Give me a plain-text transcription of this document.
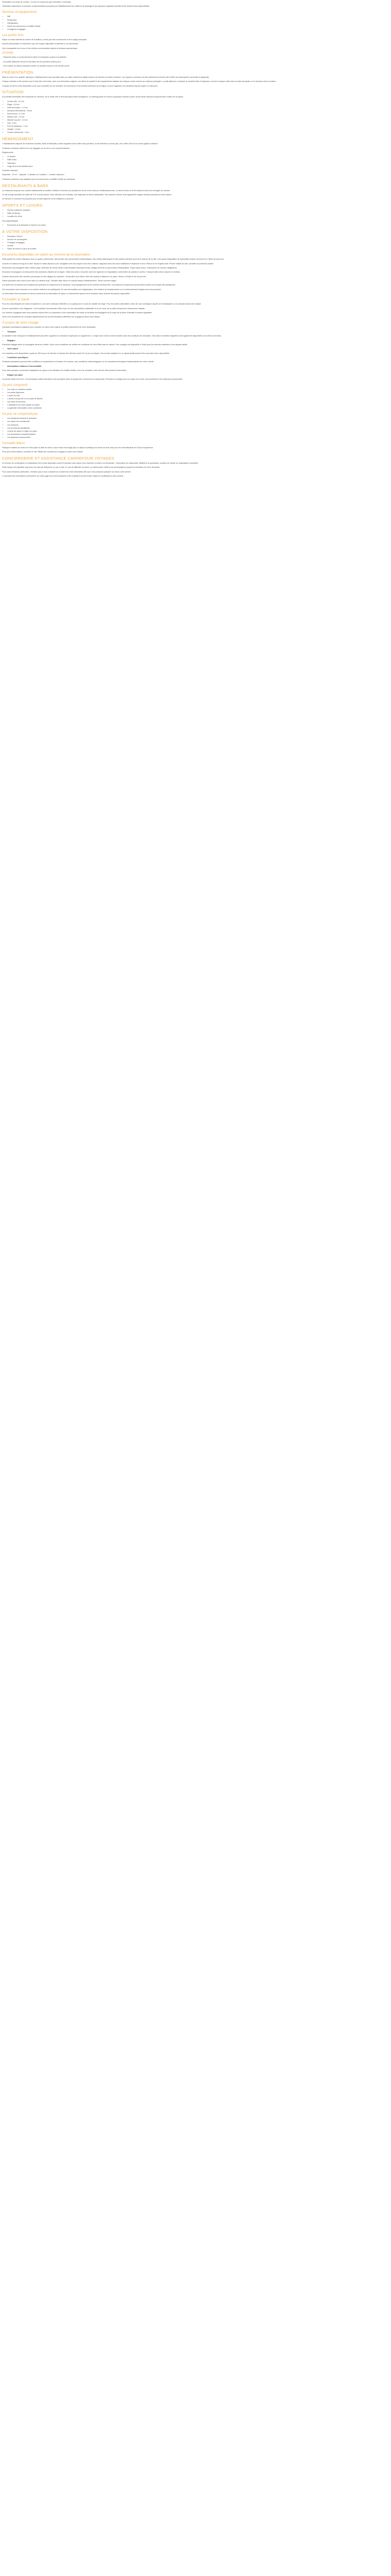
Description à la prise de contact : Ce prix ne comprend pas l'animateur Concierge.

Tarification saisonnière et services complémentaires proposés par l'établissement aux visiteurs de passage et aux groupes organisés pendant toute l'année selon disponibilités.

Services et équipements
• Wifi
• Restaurant
• Climatisation
• Accès aux personnes à mobilité réduite
• Consignes à bagages
Les points forts

Séjour en toute sérénité au centre de la station, à deux pas des commerces et de la plage principale.

Accueil personnalisé et chaleureux par une équipe disponible et attentive à vos demandes.

Vue remarquable sur la mer et les collines environnantes depuis la terrasse panoramique.

ON AIME

- Séjourner dans un environnement calme et verdoyant, propice à la détente.

- Les petits déjeuners servis en terrasse dès les premiers beaux jours.

- Une cuisine de saison préparée à partir de produits locaux et de circuits courts.

PRÉSENTATION

Situé au cœur d'un quartier historique, l'établissement vous accueille dans un cadre chaleureux alliant charme de l'ancien et confort moderne. Les espaces communs ont été entièrement rénovés afin d'offrir une atmosphère conviviale et apaisante.

Chaque chambre a été pensée pour le bien-être des hôtes, avec une décoration soignée, une literie de qualité et des équipements adaptés aux séjours courts comme aux séjours prolongés. Le petit déjeuner, composé de produits frais et régionaux, est servi chaque matin dans la salle principale ou en terrasse selon la saison.

L'équipe se tient à votre disposition pour vous conseiller sur les activités, les excursions et les bonnes adresses de la région, et pour organiser vos transferts depuis la gare ou l'aéroport.

SITUATION

À proximité immédiate des transports en commun, de la vieille ville et des principaux sites touristiques. Un parking public se trouve à quelques minutes à pied. Accès facile depuis les grands axes routiers de la région.

• Centre-ville : 0,2 km
• Plage : 0,5 km
• Gare ferroviaire : 1,2 km
• Aéroport international : 18 km
• Arrêt de bus : 0,1 km
• Musée d'art : 0,4 km
• Marché couvert : 0,3 km
• Golf : 6 km
• Port de plaisance : 1 km
• Hôpital : 2,5 km
• Centre commercial : 3 km
HÉBERGEMENT

L'établissement dispose de chambres doubles, twins et familiales, toutes équipées d'une salle d'eau privative, d'une télévision à écran plat, d'un coffre-fort et d'un accès gratuit à internet.

Certaines chambres offrent une vue dégagée sur la mer ou sur le jardin intérieur.

Équipements

• Lit double
• Salle d'eau
• Télévision
• Linge de lit et de toilette fourni

Chambre standard

Superficie : 20 m² - Capacité : 2 adultes ou 2 adultes + 1 enfant maximum

Certaines chambres sont adaptées pour les personnes à mobilité réduite sur demande.

RESTAURANTS & BARS

Le restaurant propose une cuisine traditionnelle et créative mettant à l'honneur les produits du terroir et les saveurs méditerranéennes. La carte évolue au fil des saisons selon les arrivages du marché.

Le bar lounge accueille les hôtes de 17h à minuit autour d'une sélection de cocktails, vins régionaux et bières artisanales. Des soirées à thème sont organisées chaque semaine pendant la haute saison.

Un service en chambre est proposé pour le petit déjeuner et les collations en journée.

SPORTS ET LOISIRS
• Piscine extérieure chauffée
• Salle de fitness
• Location de vélos

Non payant/payant

• Excursions à la demande à réserver sur place
À VOTRE DISPOSITION
• Réception 24h/24
• Service de conciergerie
• Consigne à bagages
• Laverie
• Salon de lecture et jeux de société
Excursions disponibles en option au moment de la réservation :

Visite guidée du centre historique avec un guide conférencier. Découverte des monuments emblématiques, des ruelles pittoresques et des places animées qui font le charme de la ville. Une pause dégustation de spécialités locales est prévue en milieu de parcours.

Journée en bateau le long de la côte. Départ le matin depuis le port, navigation vers les criques et les îles voisines, baignade dans des eaux cristallines et déjeuner à bord. Retour en fin d'après-midi. Prévoir maillot de bain, serviette et protection solaire.

Randonnée accompagnée dans l'arrière-pays. Itinéraire de niveau facile à intermédiaire traversant forêts, villages perchés et panoramas remarquables. Pique-nique inclus. Chaussures de marche obligatoires.

Excursion œnologique à la découverte des domaines viticoles de la région. Visite des caves, rencontre avec les vignerons et dégustation commentée de plusieurs cuvées. Transport aller-retour assuré en minibus.

Journée découverte des marchés provençaux et des villages de caractère. Temps libre pour flâner, faire des achats et déjeuner sur place. Retour à l'hôtel en fin de journée.

Soirée spectacle avec dîner inclus dans un cabaret local. Transfert aller-retour en autocar depuis l'établissement. Tenue correcte exigée.

Les tarifs des excursions sont indiqués par personne et comprennent le transport, l'accompagnement et les entrées mentionnées. Les boissons et dépenses personnelles restent à la charge des participants.

Ces excursions sont soumises à un nombre minimum de participants. En cas d'annulation par l'organisateur, une solution de remplacement ou le remboursement intégral vous sera proposé.

La réservation des excursions se fait au moment de la réservation du séjour ou directement auprès de la réception dans la limite des places disponibles.

Formalités & Santé

Pour les ressortissants de l'Union européenne, une carte nationale d'identité ou un passeport en cours de validité est exigé. Pour les autres nationalités, merci de vous renseigner auprès de l'ambassade ou du consulat avant votre départ.

Aucune vaccination n'est obligatoire. Il est toutefois recommandé d'être à jour de ses vaccinations habituelles et de se munir de la carte européenne d'assurance maladie.

Les mineurs voyageant sans leurs parents doivent être en possession d'une autorisation de sortie du territoire accompagnée de la copie de la pièce d'identité du parent signataire.

Nous vous conseillons de consulter régulièrement les recommandations officielles aux voyageurs avant votre départ.

À propos de votre voyage

Quelques informations pratiques pour préparer au mieux votre séjour et profiter pleinement de votre destination.

• Transport

Le transfert entre l'aéroport et l'établissement peut être organisé sur demande moyennant un supplément. Le trajet dure environ trente minutes selon les conditions de circulation. Des taxis et navettes régulières sont également disponibles à la sortie du terminal.

• Bagages

Franchise bagage selon la compagnie aérienne choisie. Nous vous conseillons de vérifier les conditions de votre billet avant le départ. Une consigne est disponible à l'hôtel pour les arrivées matinales et les départs tardifs.

• Votre séjour

Les chambres sont disponibles à partir de 15h le jour de l'arrivée et doivent être libérées avant 11h le jour du départ. Une arrivée anticipée ou un départ tardif peuvent être accordés selon disponibilité.

• Conditions spécifiques

Certaines prestations peuvent être modifiées ou suspendues en fonction de la saison, des conditions météorologiques ou de contraintes techniques indépendantes de notre volonté.

• Informations relatives à l'accessibilité

Pour toute question concernant l'adaptation du séjour à une situation de mobilité réduite, merci de contacter notre service client avant la réservation.

• Budget sur place

La devise locale est l'euro. Les principales cartes bancaires sont acceptées dans la plupart des commerces et restaurants. Prévoyez un budget pour les repas non inclus, les pourboires et les dépenses personnelles.

Ce prix comprend
• Les nuits en chambre double
• Les petits déjeuners
• L'accès au wifi
• L'accès à la piscine et à la salle de fitness
• Les taxes de services
• L'assistance de notre équipe sur place
• La garantie d'annulation selon conditions
Ce prix ne comprend pas
• Les transports aériens et terrestres
• Les repas non mentionnés
• Les boissons
• Les excursions facultatives
• La taxe de séjour à régler sur place
• Les assurances complémentaires
• Les dépenses personnelles
Formalité Maroc

Passeport valable au moins six mois après la date de retour. Aucun visa n'est exigé pour un séjour touristique de moins de trois mois pour les ressortissants de l'Union européenne.

Pour plus d'informations, consultez le site officiel des conseils aux voyageurs avant votre départ.

CONCIERGERIE ET ASSISTANCE CARREFOUR VOYAGES

Un service de conciergerie et d'assistance est à votre disposition avant et pendant votre séjour pour répondre à toutes vos demandes : réservation de restaurants, billetterie de spectacles, location de voiture ou organisation d'activités.

Notre équipe est joignable sept jours sur sept par téléphone ou par e-mail. En cas de difficulté sur place, un interlocuteur dédié vous accompagnera jusqu'à la résolution de votre demande.

Pour toute demande particulière, n'hésitez pas à nous contacter au moment de votre réservation afin que nous puissions préparer au mieux votre arrivée.

L'ensemble des informations présentées sur cette page sont communiquées à titre indicatif et peuvent faire l'objet de modifications sans préavis.
